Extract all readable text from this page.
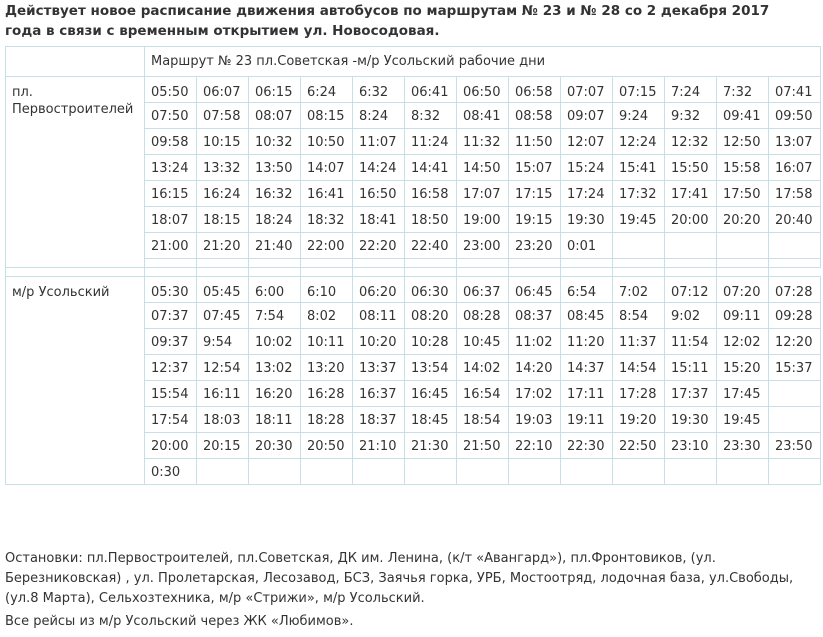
Действует новое расписание движения автобусов по маршрутам № 23 и № 28 со 2 декабря 2017 года в связи с временным открытием ул. Новосодовая.

	Маршрут № 23 пл.Советская -м/р Усольский рабочие дни												
пл. Первостроителей	05:50	06:07	06:15	6:24	6:32	06:41	06:50	06:58	07:07	07:15	7:24	7:32	07:41
	07:50	07:58	08:07	08:15	8:24	8:32	08:41	08:58	09:07	9:24	9:32	09:41	09:50
	09:58	10:15	10:32	10:50	11:07	11:24	11:32	11:50	12:07	12:24	12:32	12:50	13:07
	13:24	13:32	13:50	14:07	14:24	14:41	14:50	15:07	15:24	15:41	15:50	15:58	16:07
	16:15	16:24	16:32	16:41	16:50	16:58	17:07	17:15	17:24	17:32	17:41	17:50	17:58
	18:07	18:15	18:24	18:32	18:41	18:50	19:00	19:15	19:30	19:45	20:00	20:20	20:40
	21:00	21:20	21:40	22:00	22:20	22:40	23:00	23:20	0:01				

м/р Усольский	05:30	05:45	6:00	6:10	06:20	06:30	06:37	06:45	6:54	7:02	07:12	07:20	07:28
	07:37	07:45	7:54	8:02	08:11	08:20	08:28	08:37	08:45	8:54	9:02	09:11	09:28
	09:37	9:54	10:02	10:11	10:20	10:28	10:45	11:02	11:20	11:37	11:54	12:02	12:20
	12:37	12:54	13:02	13:20	13:37	13:54	14:02	14:20	14:37	14:54	15:11	15:20	15:37
	15:54	16:11	16:20	16:28	16:37	16:45	16:54	17:02	17:11	17:28	17:37	17:45	
	17:54	18:03	18:11	18:28	18:37	18:45	18:54	19:03	19:11	19:20	19:30	19:45	
	20:00	20:15	20:30	20:50	21:10	21:30	21:50	22:10	22:30	22:50	23:10	23:30	23:50
	0:30												

Остановки: пл.Первостроителей, пл.Советская, ДК им. Ленина, (к/т «Авангард»), пл.Фронтовиков, (ул. Березниковская) , ул. Пролетарская, Лесозавод, БСЗ, Заячья горка, УРБ, Мостоотряд, лодочная база, ул.Свободы, (ул.8 Марта), Сельхозтехника, м/р «Стрижи», м/р Усольский.

Все рейсы из м/р Усольский через ЖК «Любимов».
